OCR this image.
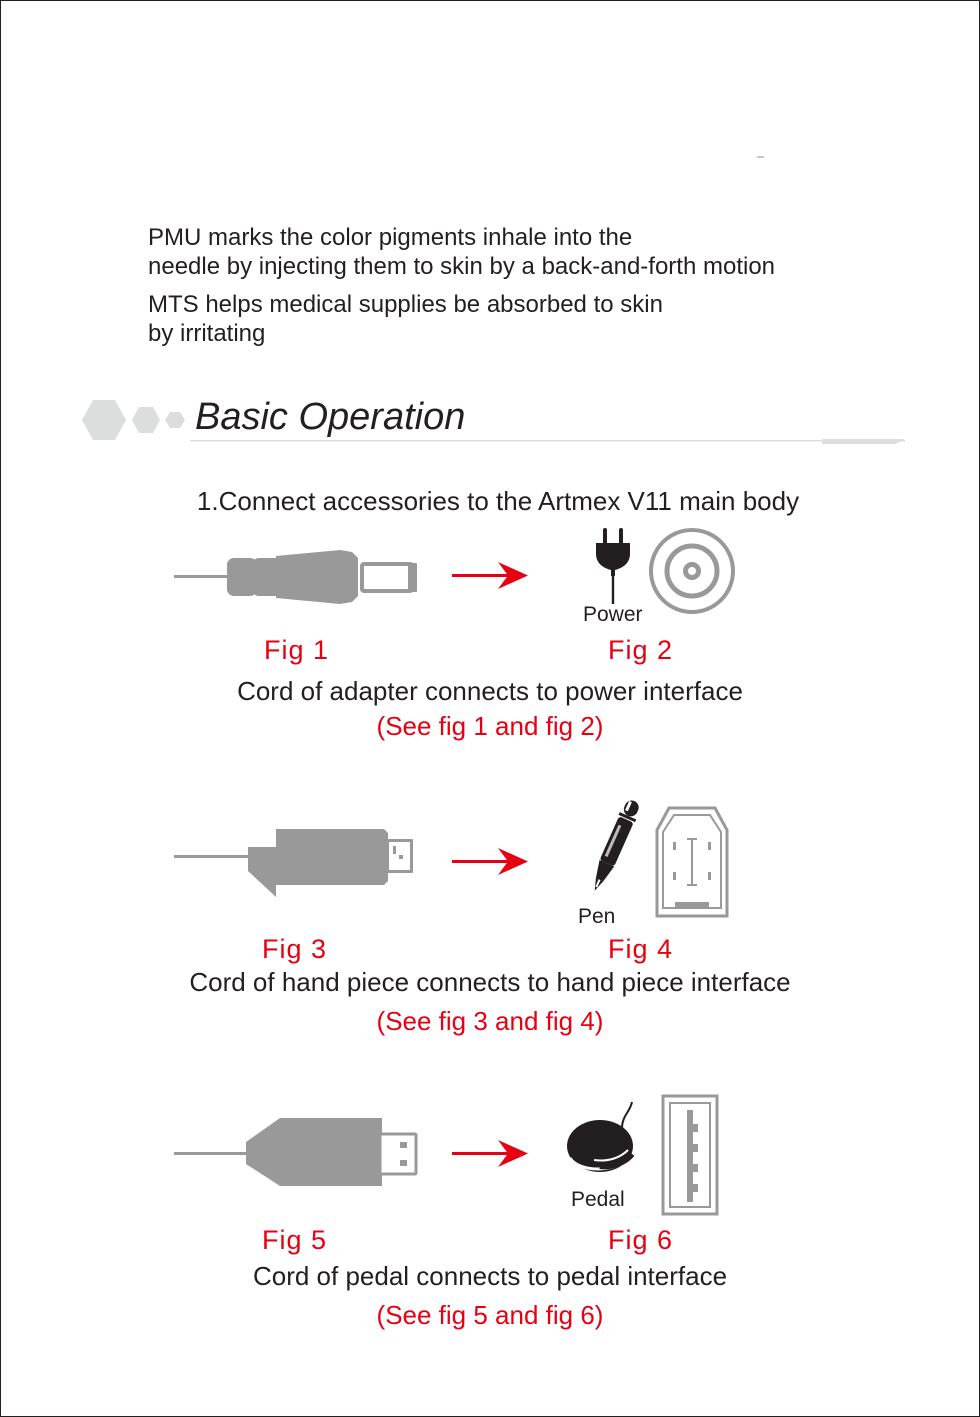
PMU marks the color pigments inhale into the
needle by injecting them to skin by a back-and-forth motion
MTS helps medical supplies be absorbed to skin
by irritating
Basic Operation
1.Connect accessories to the Artmex V11 main body
Power
Fig 1	Fig 2
Cord of adapter connects to power interface
(See fig 1 and fig 2)
Pen
Fig 3	Fig 4
Cord of hand piece connects to hand piece interface
(See fig 3 and fig 4)
Pedal
Fig 5	Fig 6
Cord of pedal connects to pedal interface
(See fig 5 and fig 6)
